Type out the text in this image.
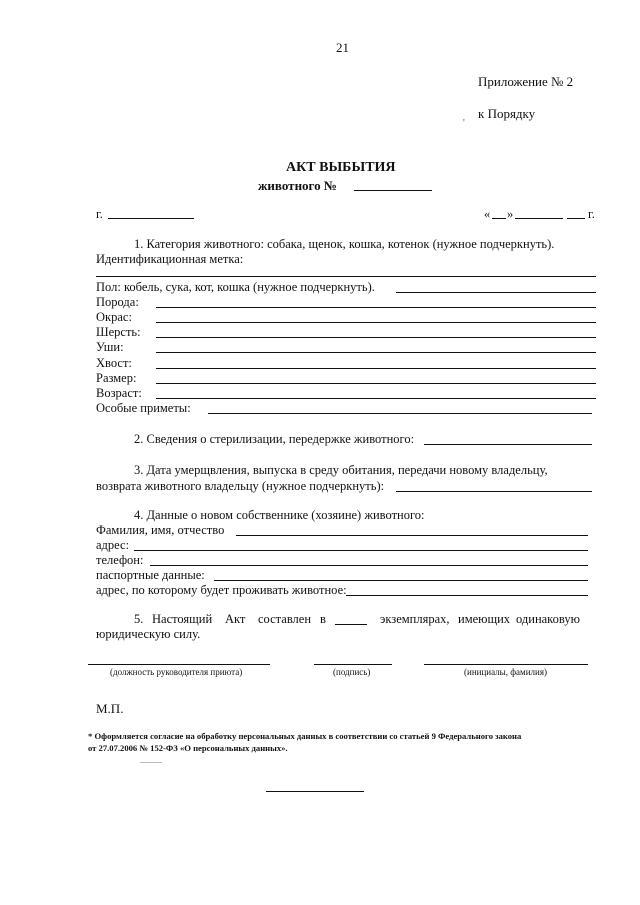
21
Приложение № 2
к Порядку
АКТ ВЫБЫТИЯ
животного №
г.	« »	г.
1. Категория животного: собака, щенок, кошка, котенок (нужное подчеркнуть).
Идентификационная метка:
Пол: кобель, сука, кот, кошка (нужное подчеркнуть).
Порода:
Окрас:
Шерсть:
Уши:
Хвост:
Размер:
Возраст:
Особые приметы:
2. Сведения о стерилизации, передержке животного:
3. Дата умерщвления, выпуска в среду обитания, передачи новому владельцу,
возврата животного владельцу (нужное подчеркнуть):
4. Данные о новом собственнике (хозяине) животного:
Фамилия, имя, отчество
адрес:
телефон:
паспортные данные:
адрес, по которому будет проживать животное:
5. Настоящий Акт составлен в	экземплярах, имеющих одинаковую
юридическую силу.
(должность руководителя приюта)	(подпись)	(инициалы, фамилия)
М.П.
* Оформляется согласие на обработку персональных данных в соответствии со статьей 9 Федерального закона
от 27.07.2006 № 152-ФЗ «О персональных данных».
'
